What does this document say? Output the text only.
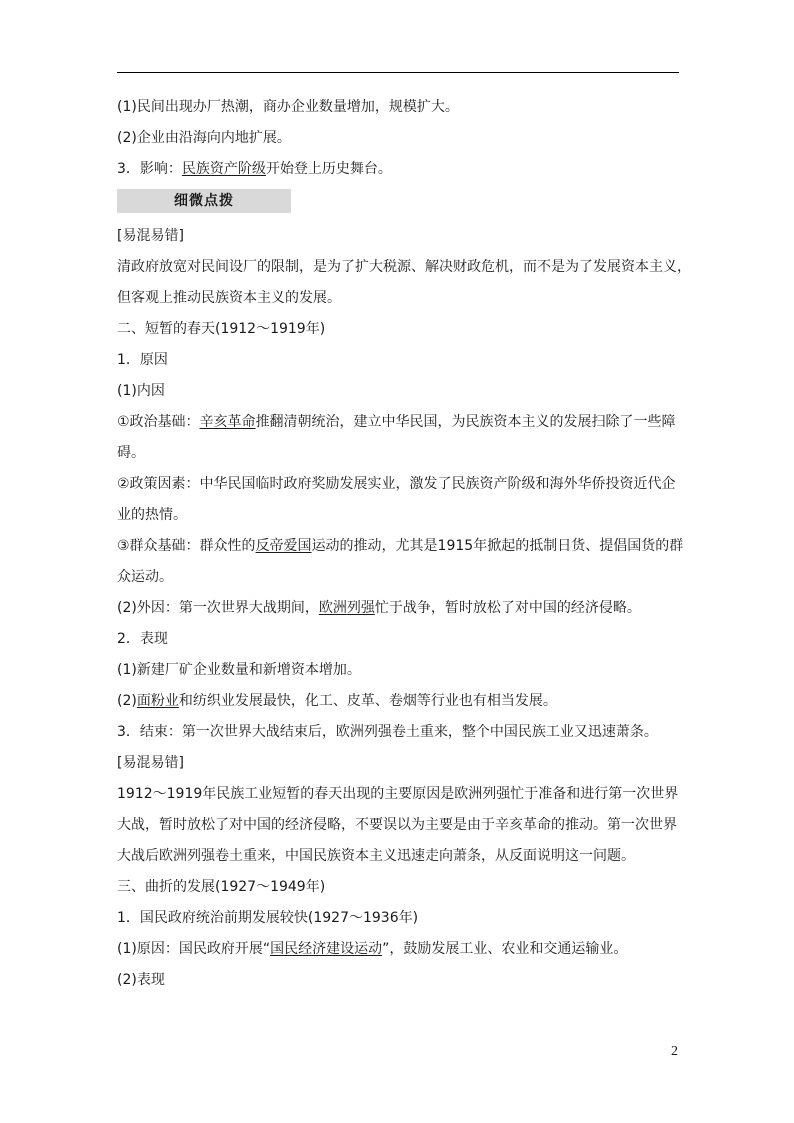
(1)民间出现办厂热潮，商办企业数量增加，规模扩大。

(2)企业由沿海向内地扩展。

3．影响：民族资产阶级开始登上历史舞台。

细微点拨

[易混易错]

清政府放宽对民间设厂的限制，是为了扩大税源、解决财政危机，而不是为了发展资本主义，

但客观上推动民族资本主义的发展。

二、短暂的春天(1912～1919年)

1．原因

(1)内因

①政治基础：辛亥革命推翻清朝统治，建立中华民国，为民族资本主义的发展扫除了一些障

碍。

②政策因素：中华民国临时政府奖励发展实业，激发了民族资产阶级和海外华侨投资近代企

业的热情。

③群众基础：群众性的反帝爱国运动的推动，尤其是1915年掀起的抵制日货、提倡国货的群

众运动。

(2)外因：第一次世界大战期间，欧洲列强忙于战争，暂时放松了对中国的经济侵略。

2．表现

(1)新建厂矿企业数量和新增资本增加。

(2)面粉业和纺织业发展最快，化工、皮革、卷烟等行业也有相当发展。

3．结束：第一次世界大战结束后，欧洲列强卷土重来，整个中国民族工业又迅速萧条。

[易混易错]

1912～1919年民族工业短暂的春天出现的主要原因是欧洲列强忙于准备和进行第一次世界

大战，暂时放松了对中国的经济侵略，不要误以为主要是由于辛亥革命的推动。第一次世界

大战后欧洲列强卷土重来，中国民族资本主义迅速走向萧条，从反面说明这一问题。

三、曲折的发展(1927～1949年)

1．国民政府统治前期发展较快(1927～1936年)

(1)原因：国民政府开展“国民经济建设运动”，鼓励发展工业、农业和交通运输业。

(2)表现

2
